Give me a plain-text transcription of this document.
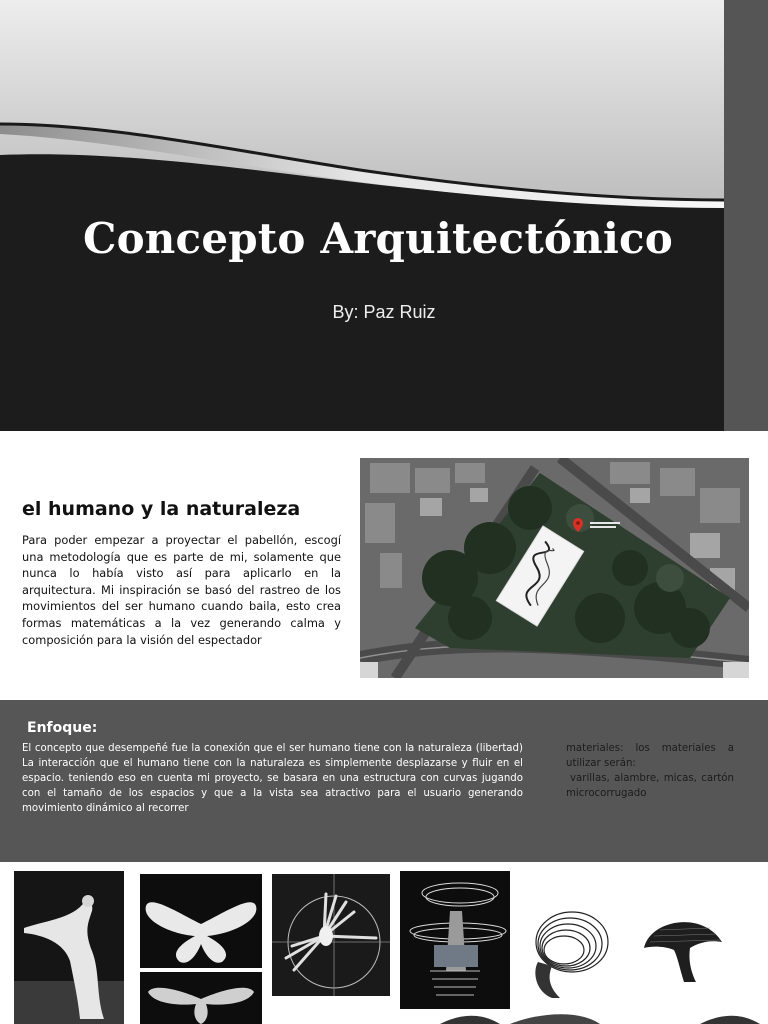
Concepto Arquitectónico

By: Paz Ruiz

el humano y la naturaleza

Para poder empezar a proyectar el pabellón, escogí una metodología que es parte de mi, solamente que nunca lo había visto así para aplicarlo en la arquitectura. Mi inspiración se basó del rastreo de los movimientos del ser humano cuando baila, esto crea formas matemáticas a la vez generando calma y composición para la visión del espectador

Enfoque:

El concepto que desempeñé fue la conexión que el ser humano tiene con la naturaleza (libertad) La interacción que el humano tiene con la naturaleza es simplemente desplazarse y fluir en el espacio. teniendo eso en cuenta mi proyecto, se basara en una estructura con curvas jugando con el tamaño de los espacios y que a la vista sea atractivo para el usuario generando movimiento dinámico al recorrer

materiales: los materiales a utilizar serán:

varillas, alambre, micas, cartón microcorrugado
